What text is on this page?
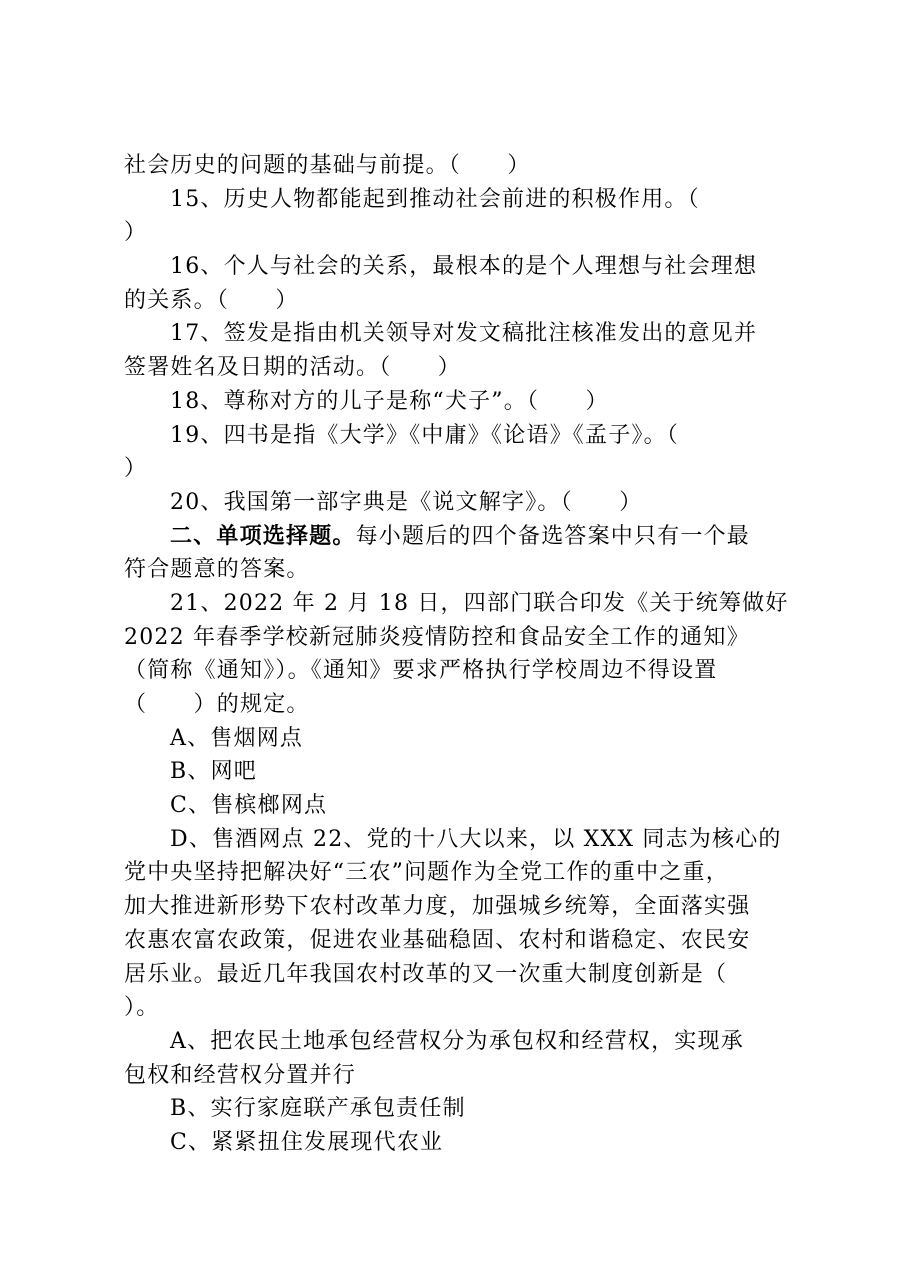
社会历史的问题的基础与前提。（　　）
15、历史人物都能起到推动社会前进的积极作用。（
）
16、个人与社会的关系，最根本的是个人理想与社会理想
的关系。（　　）
17、签发是指由机关领导对发文稿批注核准发出的意见并
签署姓名及日期的活动。（　　）
18、尊称对方的儿子是称“犬子”。（　　）
19、四书是指《大学》《中庸》《论语》《孟子》。（
）
20、我国第一部字典是《说文解字》。（　　）
二、单项选择题。每小题后的四个备选答案中只有一个最
符合题意的答案。
21、2022 年 2 月 18 日，四部门联合印发《关于统筹做好
2022 年春季学校新冠肺炎疫情防控和食品安全工作的通知》
（简称《通知》）。《通知》要求严格执行学校周边不得设置
（　　）的规定。
A、售烟网点
B、网吧
C、售槟榔网点
D、售酒网点 22、党的十八大以来，以 XXX 同志为核心的
党中央坚持把解决好“三农”问题作为全党工作的重中之重，
加大推进新形势下农村改革力度，加强城乡统筹，全面落实强
农惠农富农政策，促进农业基础稳固、农村和谐稳定、农民安
居乐业。最近几年我国农村改革的又一次重大制度创新是（
）。
A、把农民土地承包经营权分为承包权和经营权，实现承
包权和经营权分置并行
B、实行家庭联产承包责任制
C、紧紧扭住发展现代农业
